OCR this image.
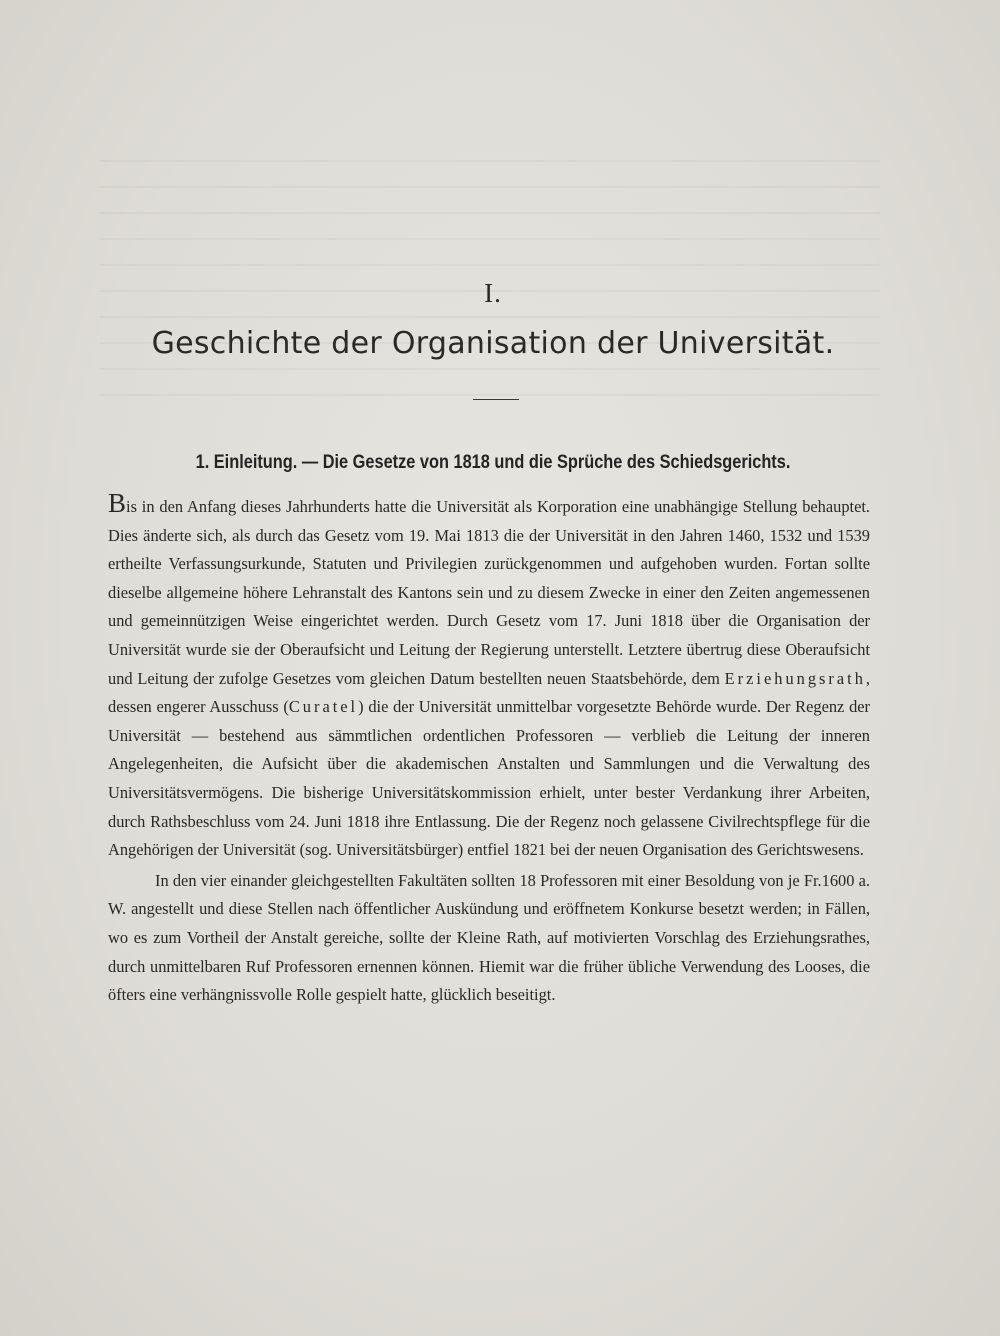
I.
Geschichte der Organisation der Universität.
1. Einleitung. — Die Gesetze von 1818 und die Sprüche des Schiedsgerichts.

Bis in den Anfang dieses Jahrhunderts hatte die Universität als Korporation eine unabhängige Stellung behauptet. Dies änderte sich, als durch das Gesetz vom 19. Mai 1813 die der Universität in den Jahren 1460, 1532 und 1539 ertheilte Verfassungsurkunde, Statuten und Privilegien zurückgenommen und aufgehoben wurden. Fortan sollte dieselbe allgemeine höhere Lehranstalt des Kantons sein und zu diesem Zwecke in einer den Zeiten angemessenen und gemeinnützigen Weise eingerichtet werden. Durch Gesetz vom 17. Juni 1818 über die Organisation der Universität wurde sie der Oberaufsicht und Leitung der Regierung unterstellt. Letztere übertrug diese Oberaufsicht und Leitung der zufolge Gesetzes vom gleichen Datum bestellten neuen Staatsbehörde, dem Erziehungsrath, dessen engerer Ausschuss (Curatel) die der Universität unmittelbar vorgesetzte Behörde wurde. Der Regenz der Universität — bestehend aus sämmtlichen ordentlichen Professoren — verblieb die Leitung der inneren Angelegenheiten, die Aufsicht über die akademischen Anstalten und Sammlungen und die Verwaltung des Universitätsvermögens. Die bisherige Universitätskommission erhielt, unter bester Verdankung ihrer Arbeiten, durch Rathsbeschluss vom 24. Juni 1818 ihre Entlassung. Die der Regenz noch gelassene Civilrechtspflege für die Angehörigen der Universität (sog. Universitätsbürger) entfiel 1821 bei der neuen Organisation des Gerichtswesens.

In den vier einander gleichgestellten Fakultäten sollten 18 Professoren mit einer Besoldung von je Fr.1600 a. W. angestellt und diese Stellen nach öffentlicher Auskündung und eröffnetem Konkurse besetzt werden; in Fällen, wo es zum Vortheil der Anstalt gereiche, sollte der Kleine Rath, auf motivierten Vorschlag des Erziehungsrathes, durch unmittelbaren Ruf Professoren ernennen können. Hiemit war die früher übliche Verwendung des Looses, die öfters eine verhängnissvolle Rolle gespielt hatte, glücklich beseitigt.
